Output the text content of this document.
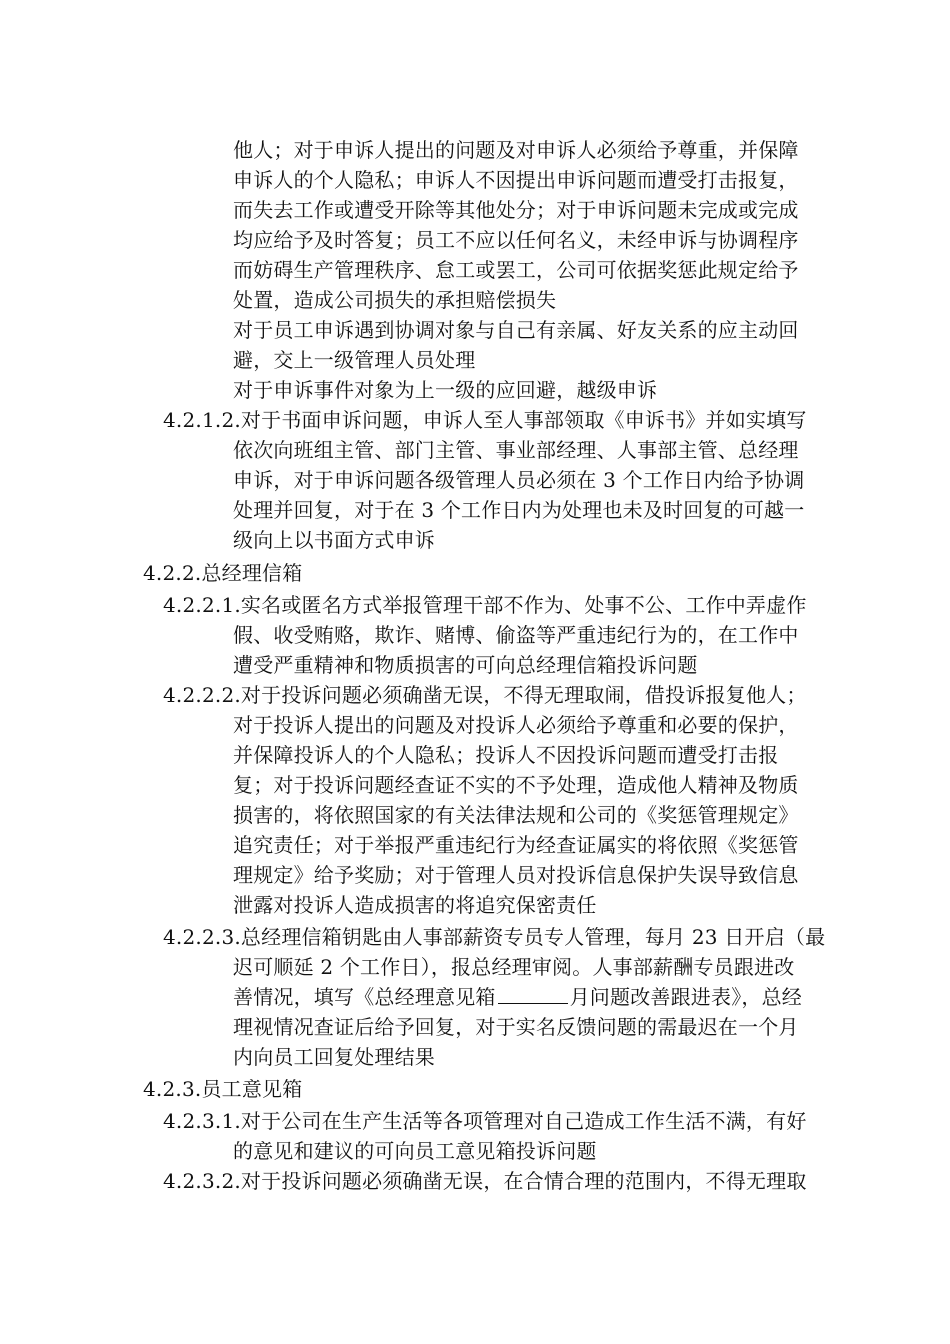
他人；对于申诉人提出的问题及对申诉人必须给予尊重，并保障
申诉人的个人隐私；申诉人不因提出申诉问题而遭受打击报复，
而失去工作或遭受开除等其他处分；对于申诉问题未完成或完成
均应给予及时答复；员工不应以任何名义，未经申诉与协调程序
而妨碍生产管理秩序、怠工或罢工，公司可依据奖惩此规定给予
处置，造成公司损失的承担赔偿损失
对于员工申诉遇到协调对象与自己有亲属、好友关系的应主动回
避，交上一级管理人员处理
对于申诉事件对象为上一级的应回避，越级申诉
4.2.1.2.对于书面申诉问题，申诉人至人事部领取《申诉书》并如实填写
依次向班组主管、部门主管、事业部经理、人事部主管、总经理
申诉，对于申诉问题各级管理人员必须在 3 个工作日内给予协调
处理并回复，对于在 3 个工作日内为处理也未及时回复的可越一
级向上以书面方式申诉
4.2.2.总经理信箱
4.2.2.1.实名或匿名方式举报管理干部不作为、处事不公、工作中弄虚作
假、收受贿赂，欺诈、赌博、偷盗等严重违纪行为的，在工作中
遭受严重精神和物质损害的可向总经理信箱投诉问题
4.2.2.2.对于投诉问题必须确凿无误，不得无理取闹，借投诉报复他人；
对于投诉人提出的问题及对投诉人必须给予尊重和必要的保护，
并保障投诉人的个人隐私；投诉人不因投诉问题而遭受打击报
复；对于投诉问题经查证不实的不予处理，造成他人精神及物质
损害的，将依照国家的有关法律法规和公司的《奖惩管理规定》
追究责任；对于举报严重违纪行为经查证属实的将依照《奖惩管
理规定》给予奖励；对于管理人员对投诉信息保护失误导致信息
泄露对投诉人造成损害的将追究保密责任
4.2.2.3.总经理信箱钥匙由人事部薪资专员专人管理，每月 23 日开启（最
迟可顺延 2 个工作日），报总经理审阅。人事部薪酬专员跟进改
善情况，填写《总经理意见箱	月问题改善跟进表》，总经
理视情况查证后给予回复，对于实名反馈问题的需最迟在一个月
内向员工回复处理结果
4.2.3.员工意见箱
4.2.3.1.对于公司在生产生活等各项管理对自己造成工作生活不满，有好
的意见和建议的可向员工意见箱投诉问题
4.2.3.2.对于投诉问题必须确凿无误，在合情合理的范围内，不得无理取
